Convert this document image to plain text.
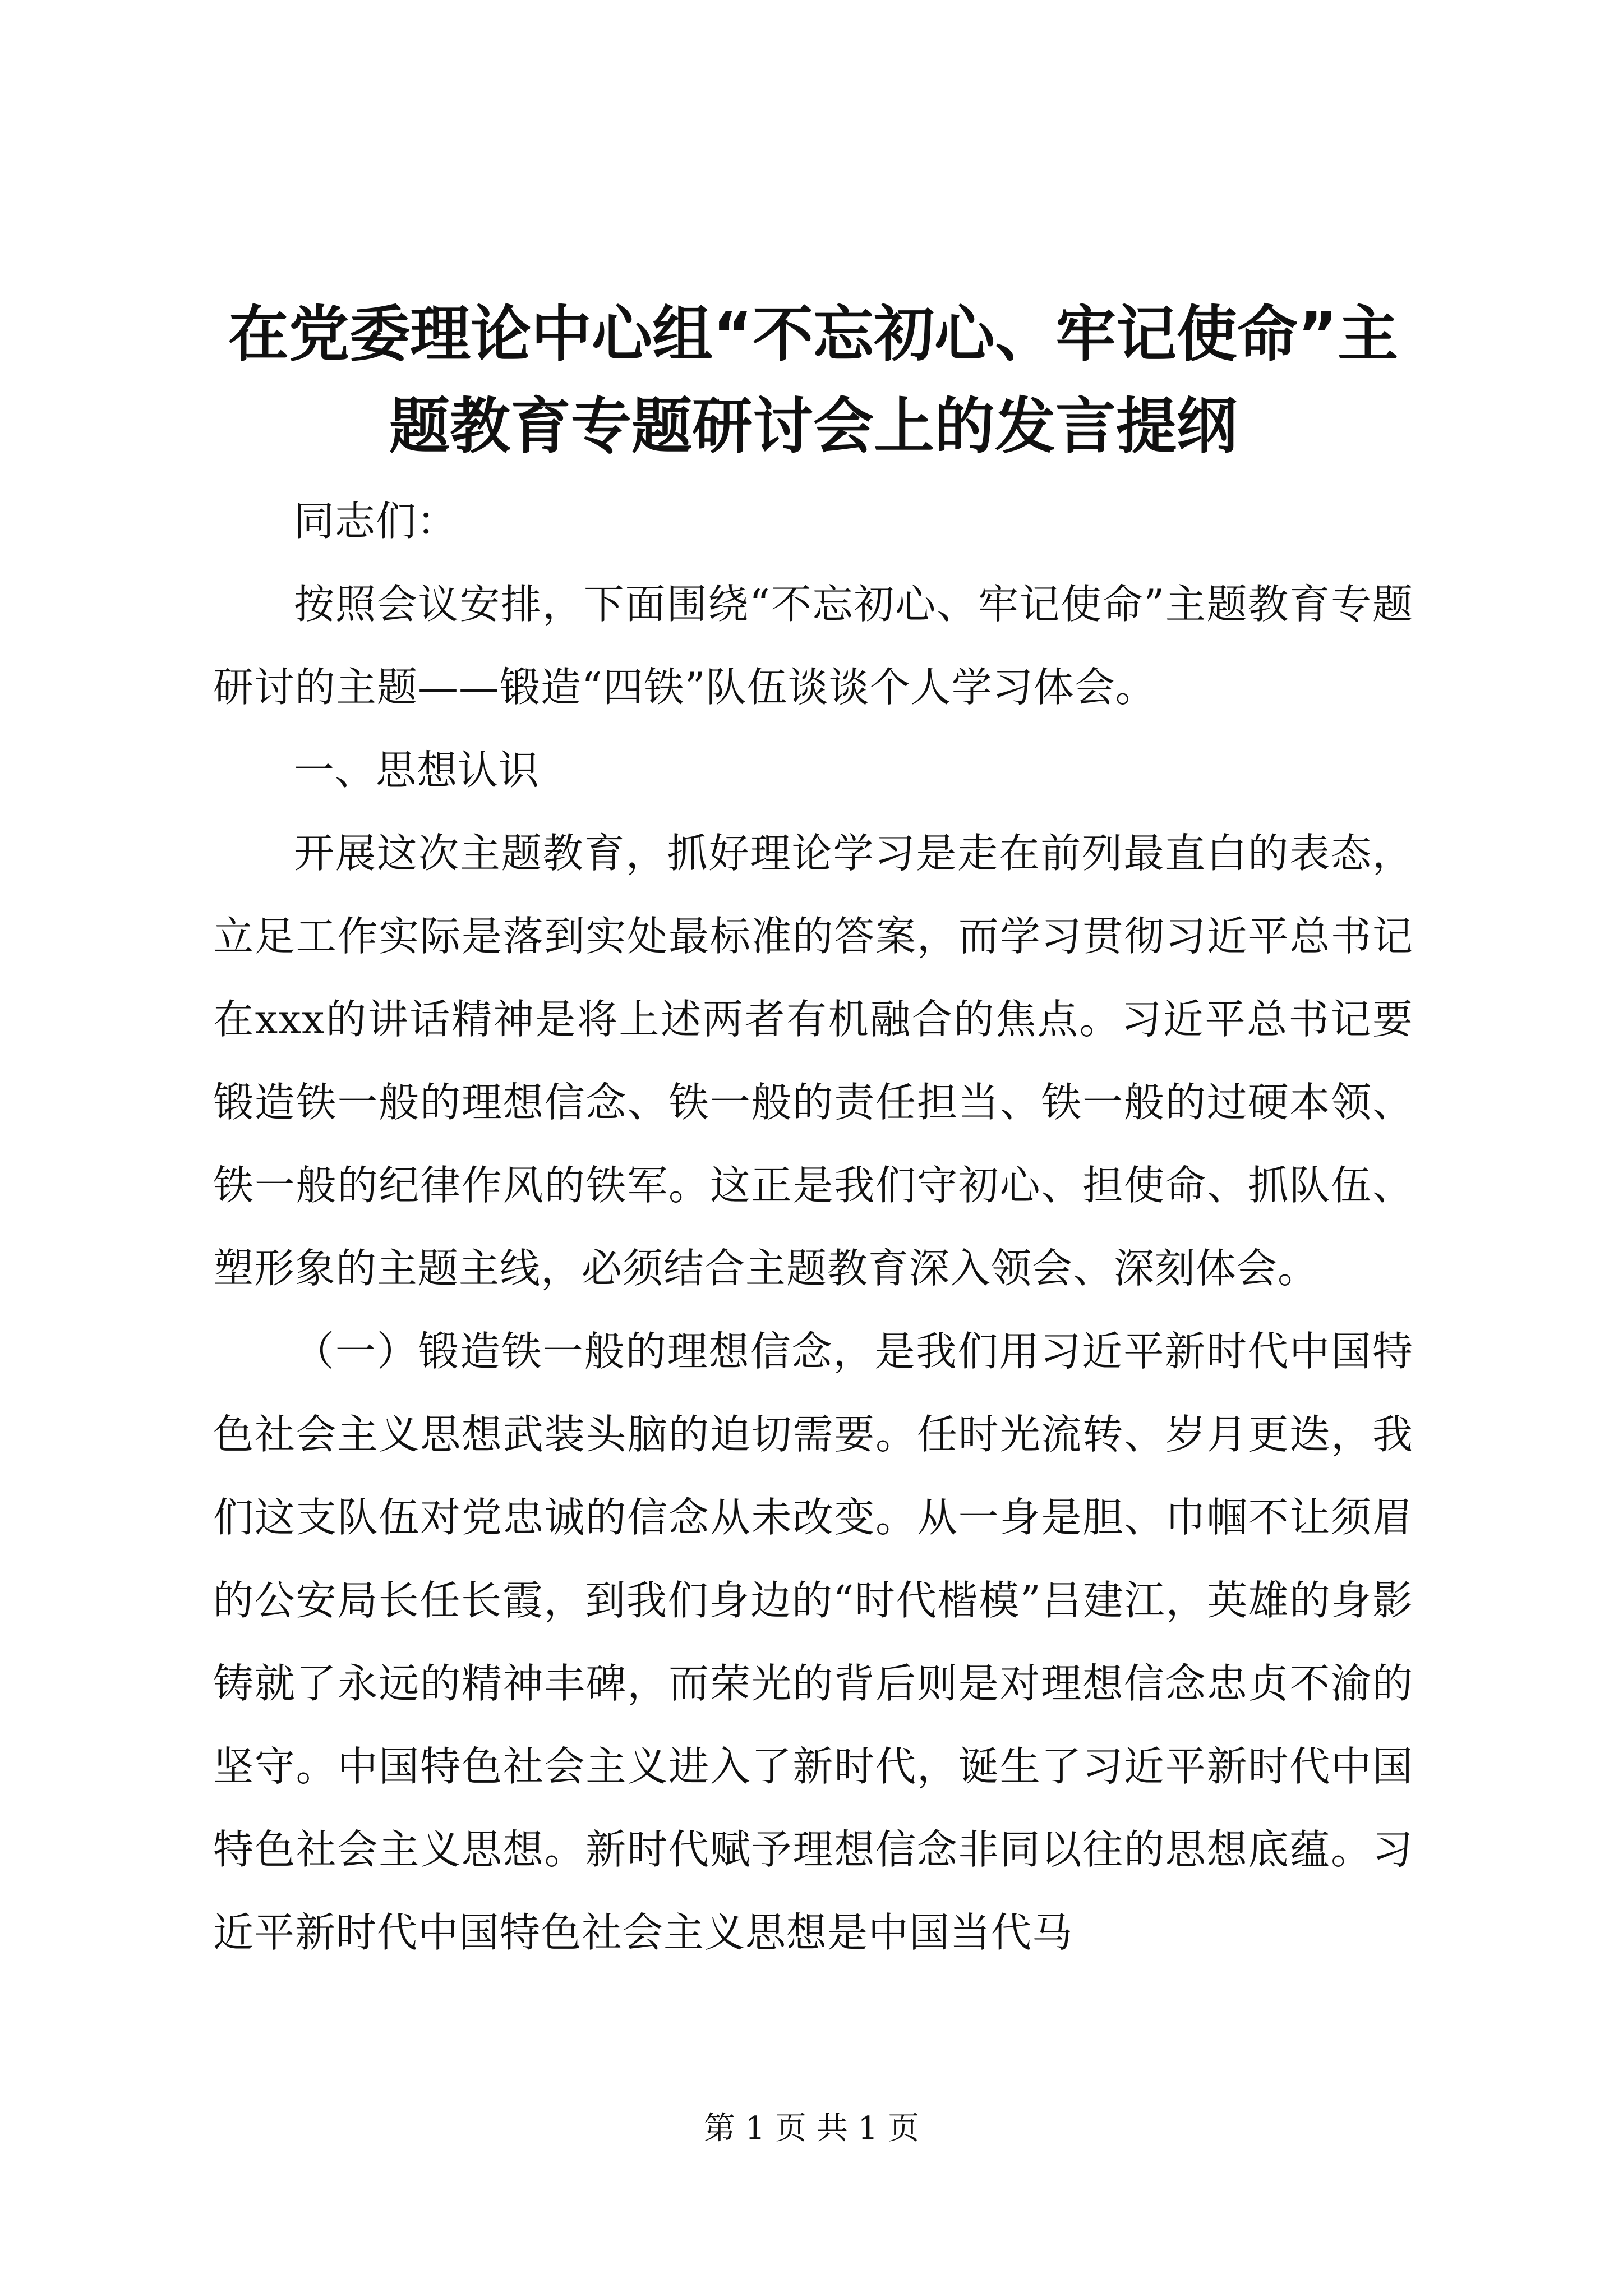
在党委理论中心组“不忘初心、牢记使命”主题教育专题研讨会上的发言提纲

同志们：

按照会议安排，下面围绕“不忘初心、牢记使命”主题教育专题研讨的主题——锻造“四铁”队伍谈谈个人学习体会。

一、思想认识

开展这次主题教育，抓好理论学习是走在前列最直白的表态，立足工作实际是落到实处最标准的答案，而学习贯彻习近平总书记在xxx的讲话精神是将上述两者有机融合的焦点。习近平总书记要锻造铁一般的理想信念、铁一般的责任担当、铁一般的过硬本领、铁一般的纪律作风的铁军。这正是我们守初心、担使命、抓队伍、塑形象的主题主线，必须结合主题教育深入领会、深刻体会。

（一）锻造铁一般的理想信念，是我们用习近平新时代中国特色社会主义思想武装头脑的迫切需要。任时光流转、岁月更迭，我们这支队伍对党忠诚的信念从未改变。从一身是胆、巾帼不让须眉的公安局长任长霞，到我们身边的“时代楷模”吕建江，英雄的身影铸就了永远的精神丰碑，而荣光的背后则是对理想信念忠贞不渝的坚守。中国特色社会主义进入了新时代，诞生了习近平新时代中国特色社会主义思想。新时代赋予理想信念非同以往的思想底蕴。习近平新时代中国特色社会主义思想是中国当代马

第 1 页 共 1 页
